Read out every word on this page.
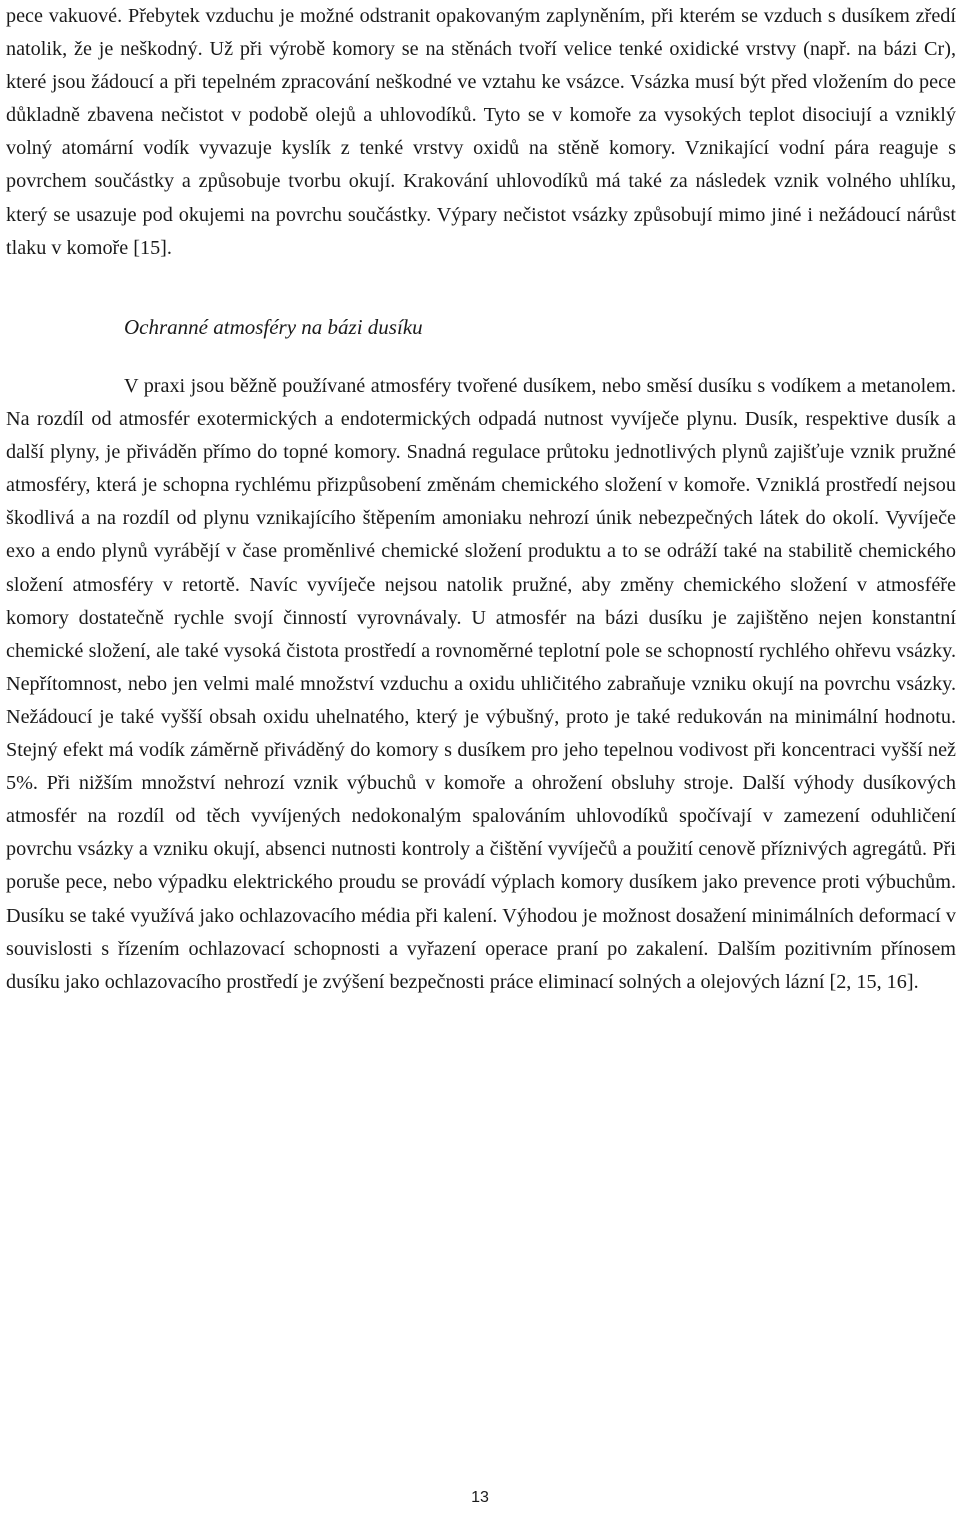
pece vakuové. Přebytek vzduchu je možné odstranit opakovaným zaplyněním, při kterém se vzduch s dusíkem zředí natolik, že je neškodný. Už při výrobě komory se na stěnách tvoří velice tenké oxidické vrstvy (např. na bázi Cr), které jsou žádoucí a při tepelném zpracování neškodné ve vztahu ke vsázce. Vsázka musí být před vložením do pece důkladně zbavena nečistot v podobě olejů a uhlovodíků. Tyto se v komoře za vysokých teplot disociují a vzniklý volný atomární vodík vyvazuje kyslík z tenké vrstvy oxidů na stěně komory. Vznikající vodní pára reaguje s povrchem součástky a způsobuje tvorbu okují. Krakování uhlovodíků má také za následek vznik volného uhlíku, který se usazuje pod okujemi na povrchu součástky. Výpary nečistot vsázky způsobují mimo jiné i nežádoucí nárůst tlaku v komoře [15].

Ochranné atmosféry na bázi dusíku

V praxi jsou běžně používané atmosféry tvořené dusíkem, nebo směsí dusíku s vodíkem a metanolem. Na rozdíl od atmosfér exotermických a endotermických odpadá nutnost vyvíječe plynu. Dusík, respektive dusík a další plyny, je přiváděn přímo do topné komory. Snadná regulace průtoku jednotlivých plynů zajišťuje vznik pružné atmosféry, která je schopna rychlému přizpůsobení změnám chemického složení v komoře. Vzniklá prostředí nejsou škodlivá a na rozdíl od plynu vznikajícího štěpením amoniaku nehrozí únik nebezpečných látek do okolí. Vyvíječe exo a endo plynů vyrábějí v čase proměnlivé chemické složení produktu a to se odráží také na stabilitě chemického složení atmosféry v retortě. Navíc vyvíječe nejsou natolik pružné, aby změny chemického složení v atmosféře komory dostatečně rychle svojí činností vyrovnávaly. U atmosfér na bázi dusíku je zajištěno nejen konstantní chemické složení, ale také vysoká čistota prostředí a rovnoměrné teplotní pole se schopností rychlého ohřevu vsázky. Nepřítomnost, nebo jen velmi malé množství vzduchu a oxidu uhličitého zabraňuje vzniku okují na povrchu vsázky. Nežádoucí je také vyšší obsah oxidu uhelnatého, který je výbušný, proto je také redukován na minimální hodnotu. Stejný efekt má vodík záměrně přiváděný do komory s dusíkem pro jeho tepelnou vodivost při koncentraci vyšší než 5%. Při nižším množství nehrozí vznik výbuchů v komoře a ohrožení obsluhy stroje. Další výhody dusíkových atmosfér na rozdíl od těch vyvíjených nedokonalým spalováním uhlovodíků spočívají v zamezení oduhličení povrchu vsázky a vzniku okují, absenci nutnosti kontroly a čištění vyvíječů a použití cenově příznivých agregátů. Při poruše pece, nebo výpadku elektrického proudu se provádí výplach komory dusíkem jako prevence proti výbuchům. Dusíku se také využívá jako ochlazovacího média při kalení. Výhodou je možnost dosažení minimálních deformací v souvislosti s řízením ochlazovací schopnosti a vyřazení operace praní po zakalení. Dalším pozitivním přínosem dusíku jako ochlazovacího prostředí je zvýšení bezpečnosti práce eliminací solných a olejových lázní [2, 15, 16].

13
